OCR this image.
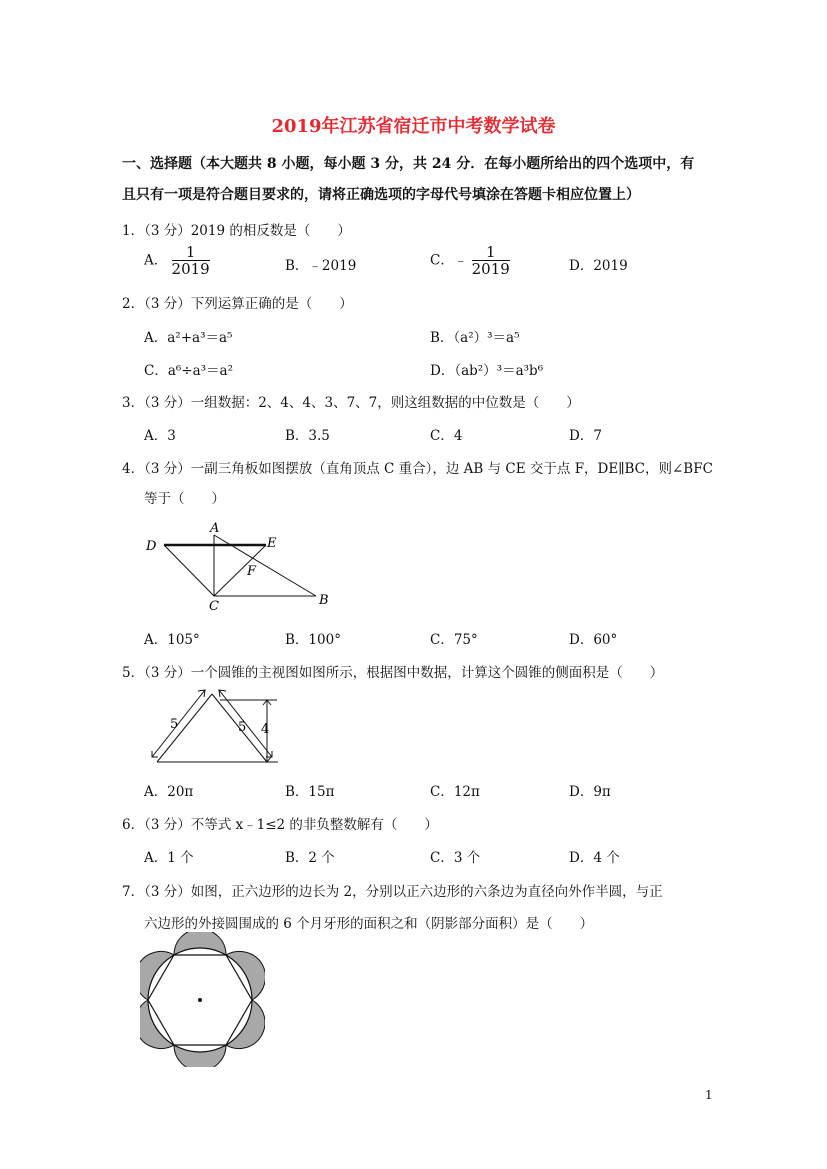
2019年江苏省宿迁市中考数学试卷
一、选择题（本大题共 8 小题，每小题 3 分，共 24 分．在每小题所给出的四个选项中，有
且只有一项是符合题目要求的，请将正确选项的字母代号填涂在答题卡相应位置上）
1．（3 分）2019 的相反数是（　　）
A． $\frac{1}{2019}$	B．﹣2019	C．﹣ $\frac{1}{2019}$	D．2019
2．（3 分）下列运算正确的是（　　）
A．a²+a³＝a⁵	B．（a²）³＝a⁵
C．a⁶÷a³＝a²	D．（ab²）³＝a³b⁶
3．（3 分）一组数据：2、4、4、3、7、7，则这组数据的中位数是（　　）
A．3	B．3.5	C．4	D．7
4．（3 分）一副三角板如图摆放（直角顶点 C 重合），边 AB 与 CE 交于点 F，DE∥BC，则∠BFC
等于（　　）
A
D	E
F
C	B
A．105°	B．100°	C．75°	D．60°
5．（3 分）一个圆锥的主视图如图所示，根据图中数据，计算这个圆锥的侧面积是（　　）
5	5 4
A．20π	B．15π	C．12π	D．9π
6．（3 分）不等式 x﹣1≤2 的非负整数解有（　　）
A．1 个	B．2 个	C．3 个	D．4 个
7．（3 分）如图，正六边形的边长为 2，分别以正六边形的六条边为直径向外作半圆，与正
六边形的外接圆围成的 6 个月牙形的面积之和（阴影部分面积）是（　　）
1
